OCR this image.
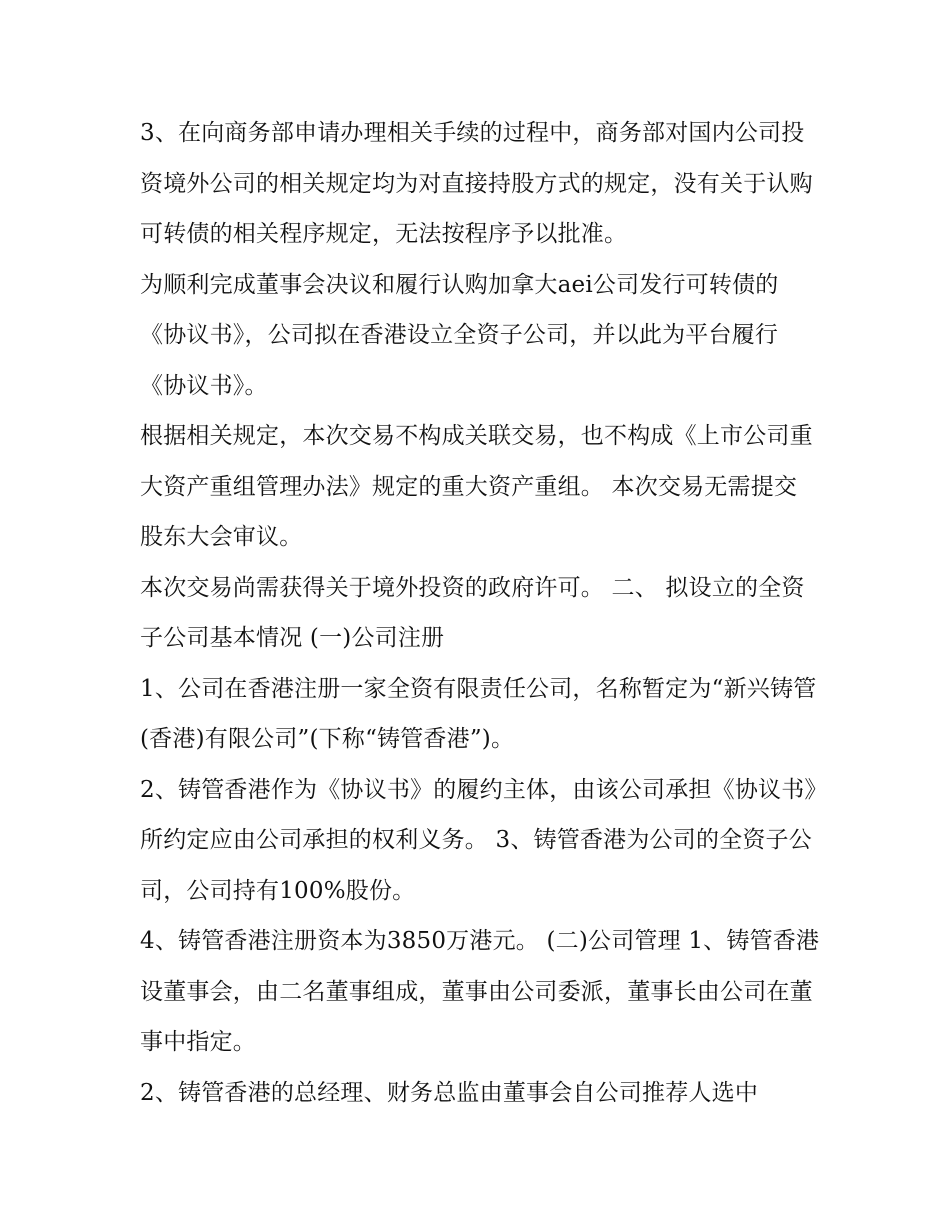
3、在向商务部申请办理相关手续的过程中，商务部对国内公司投资境外公司的相关规定均为对直接持股方式的规定，没有关于认购可转债的相关程序规定，无法按程序予以批准。

为顺利完成董事会决议和履行认购加拿大aei公司发行可转债的《协议书》，公司拟在香港设立全资子公司，并以此为平台履行《协议书》。

根据相关规定，本次交易不构成关联交易，也不构成《上市公司重大资产重组管理办法》规定的重大资产重组。 本次交易无需提交股东大会审议。

本次交易尚需获得关于境外投资的政府许可。 二、 拟设立的全资子公司基本情况 (一)公司注册

1、公司在香港注册一家全资有限责任公司，名称暂定为“新兴铸管(香港)有限公司”(下称“铸管香港”)。

2、铸管香港作为《协议书》的履约主体，由该公司承担《协议书》所约定应由公司承担的权利义务。 3、铸管香港为公司的全资子公司，公司持有100%股份。

4、铸管香港注册资本为3850万港元。 (二)公司管理 1、铸管香港设董事会，由二名董事组成，董事由公司委派，董事长由公司在董事中指定。

2、铸管香港的总经理、财务总监由董事会自公司推荐人选中
